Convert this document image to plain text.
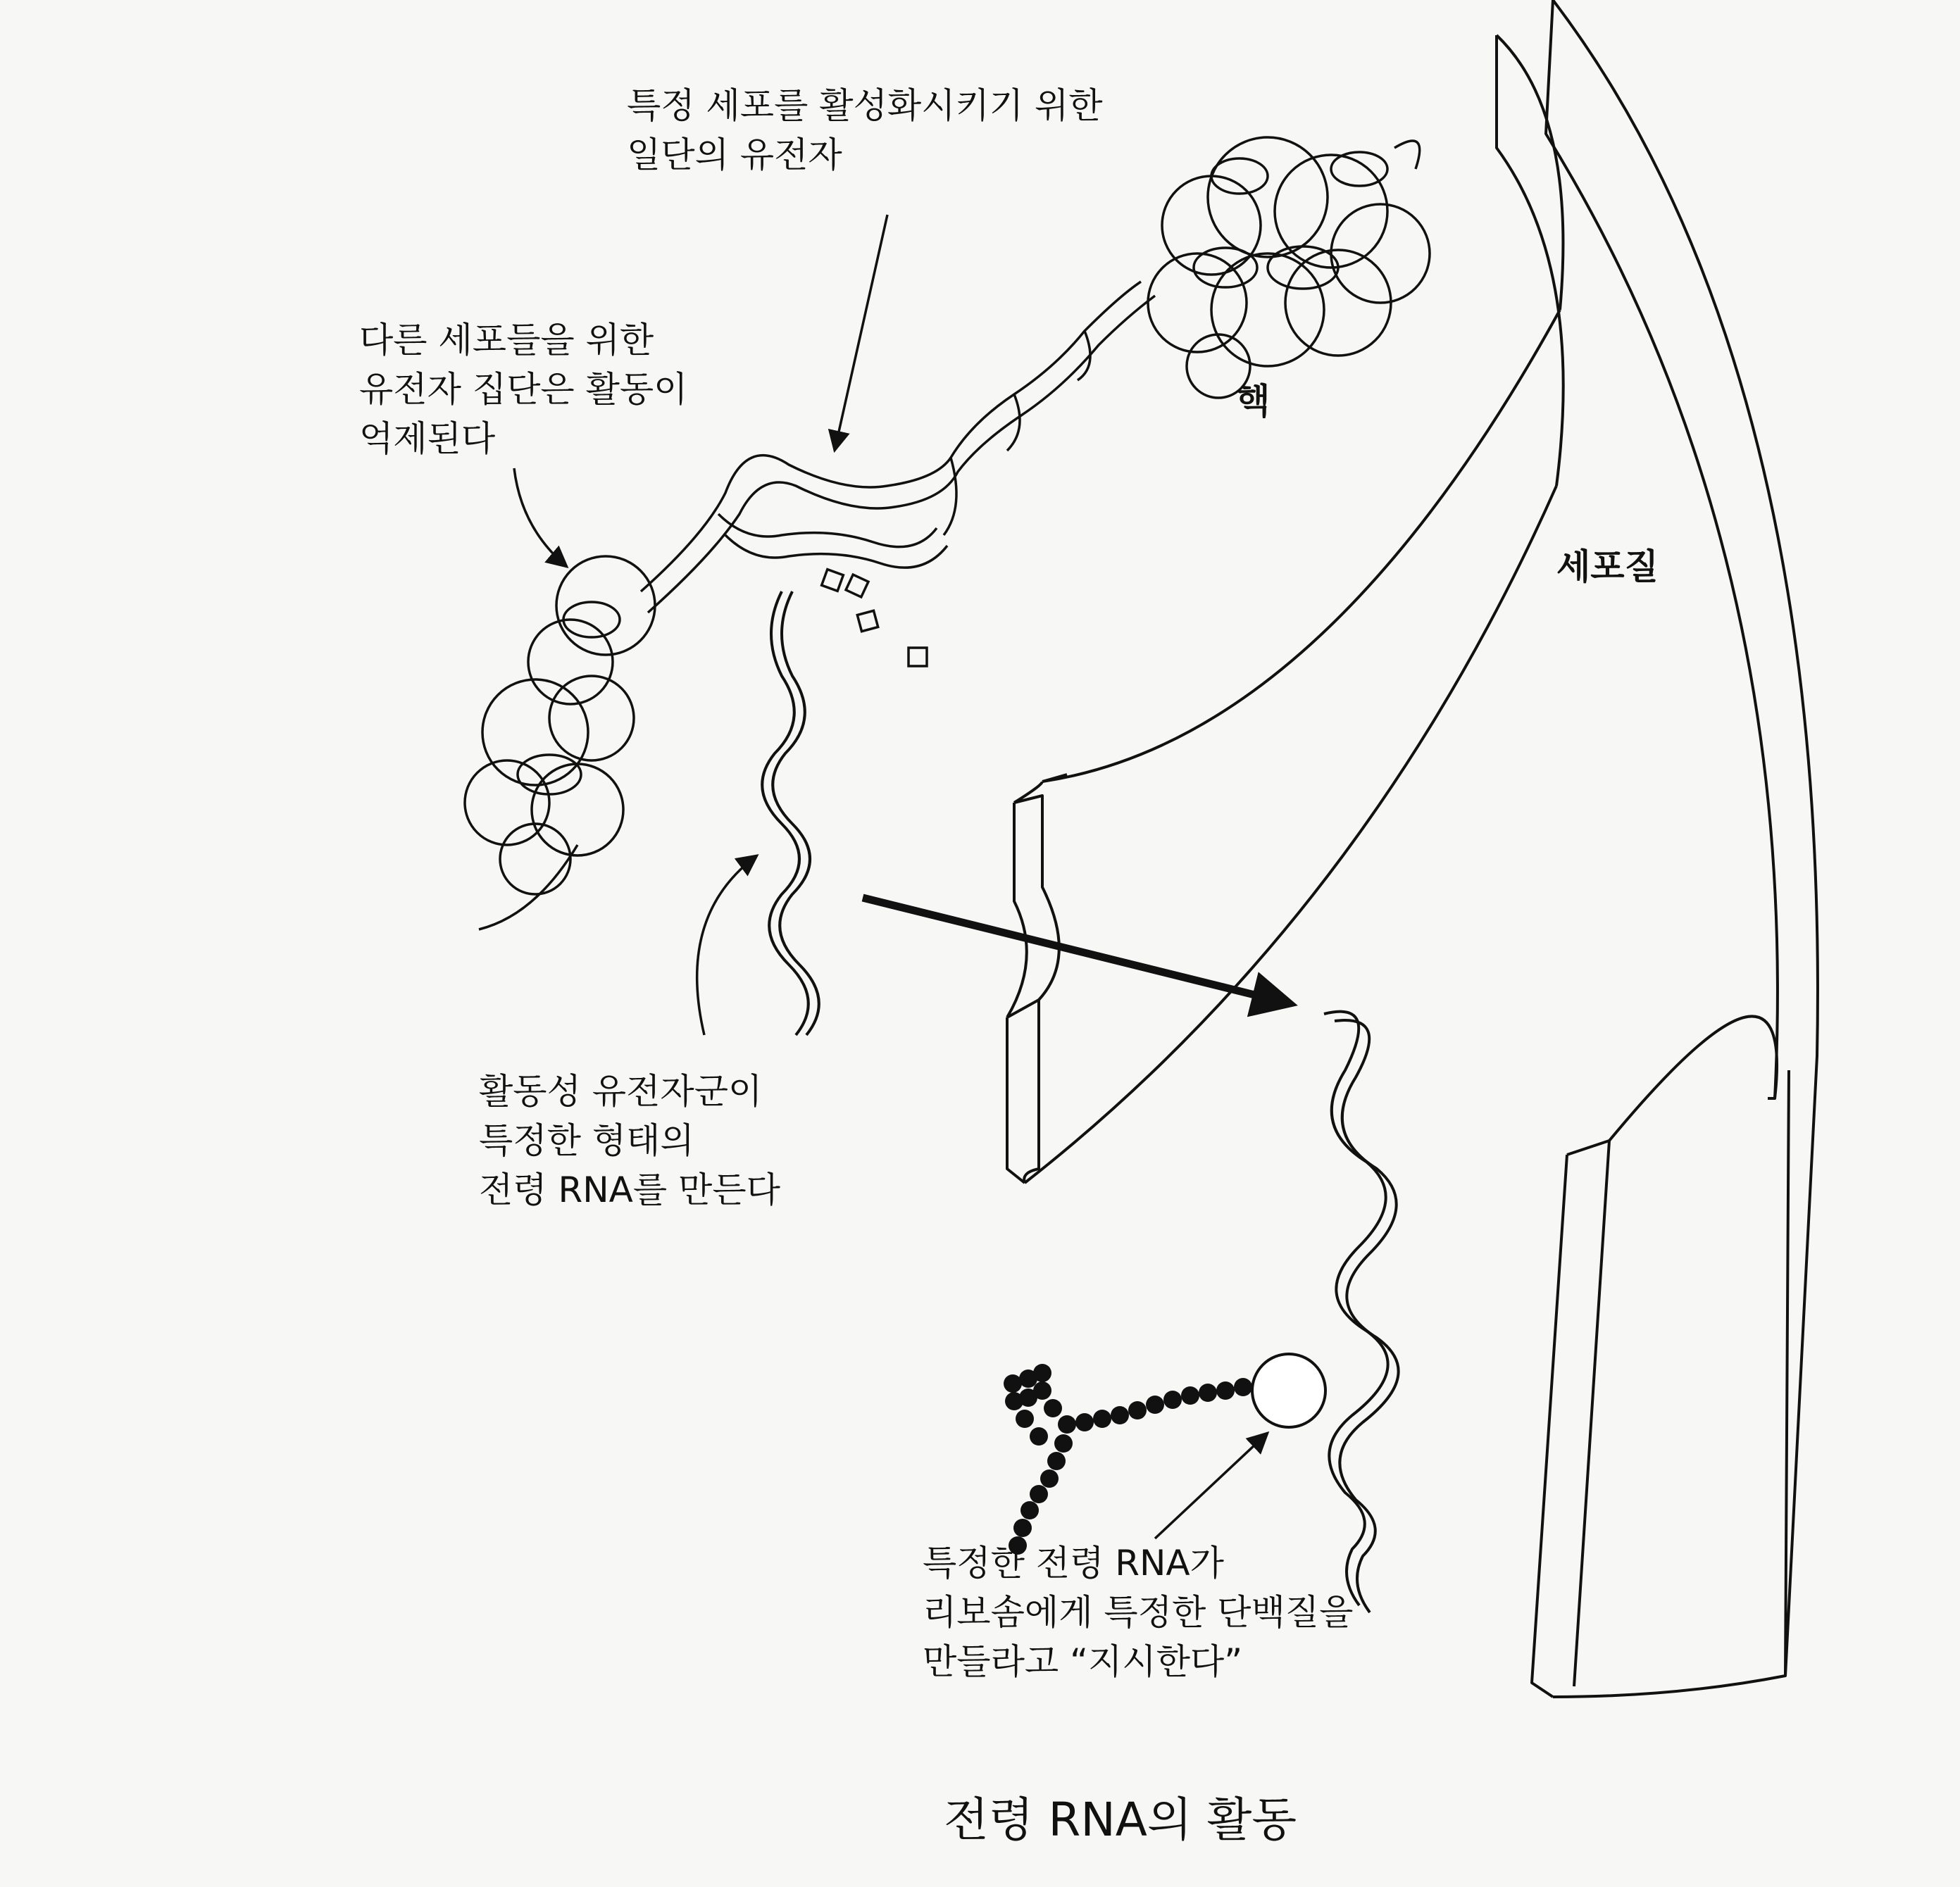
특정 세포를 활성화시키기 위한
일단의 유전자
다른 세포들을 위한
유전자 집단은 활동이
억제된다
핵
세포질
활동성 유전자군이
특정한 형태의
전령 RNA를 만든다
특정한 전령 RNA가
리보솜에게 특정한 단백질을
만들라고 “지시한다”
전령 RNA의 활동
